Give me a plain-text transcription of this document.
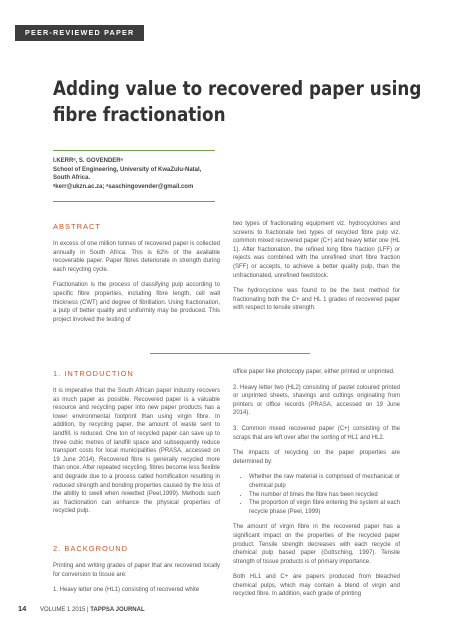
PEER-REVIEWED PAPER
Adding value to recovered paper using
fibre fractionation
I.KERRᵃ, S. GOVENDERᵃ
School of Engineering, University of KwaZulu-Natal,
South Africa.
ᵃkerr@ukzn.ac.za; ᵃsaschingovender@gmail.com
ABSTRACT

In excess of one million tonnes of recovered paper is collected annually in South Africa. This is 62% of the available recoverable paper. Paper fibres deteriorate in strength during each recycling cycle.

Fractionation is the process of classifying pulp according to specific fibre properties, including fibre length, cell wall thickness (CWT) and degree of fibrillation. Using fractionation, a pulp of better quality and uniformity may be produced. This project involved the testing of

two types of fractionating equipment viz. hydrocyclones and screens to fractionate two types of recycled fibre pulp viz. common mixed recovered paper (C+) and heavy letter one (HL 1). After fractionation, the refined long fibre fraction (LFF) or rejects was combined with the unrefined short fibre fraction (SFF) or accepts, to achieve a better quality pulp, than the unfractionated, unrefined feedstock.

The hydrocyclone was found to be the best method for fractionating both the C+ and HL 1 grades of recovered paper with respect to tensile strength.

1. INTRODUCTION

It is imperative that the South African paper industry recovers as much paper as possible. Recovered paper is a valuable resource and recycling paper into new paper products has a lower environmental footprint than using virgin fibre. In addition, by recycling paper, the amount of waste sent to landfill, is reduced. One ton of recycled paper can save up to three cubic metres of landfill space and subsequently reduce transport costs for local municipalities (PRASA, accessed on 19 June 2014). Recovered fibre is generally recycled more than once. After repeated recycling, fibres become less flexible and degrade due to a process called hornification resulting in reduced strength and bonding properties caused by the loss of the ability to swell when rewetted (Peel,1999). Methods such as fractionation can enhance the physical properties of recycled pulp.

2. BACKGROUND

Printing and writing grades of paper that are recovered locally for conversion to tissue are:

1. Heavy letter one (HL1) consisting of recovered white

office paper like photocopy paper, either printed or unprinted.

2. Heavy letter two (HL2) consisting of pastel coloured printed or unprinted sheets, shavings and cuttings originating from printers or office records (PRASA, accessed on 19 June 2014).

3. Common mixed recovered paper (C+) consisting of the scraps that are left over after the sorting of HL1 and HL2.

The impacts of recycling on the paper properties are determined by:

• Whether the raw material is comprised of mechanical or chemical pulp
• The number of times the fibre has been recycled
• The proportion of virgin fibre entering the system at each recycle phase (Peel, 1999)

The amount of virgin fibre in the recovered paper has a significant impact on the properties of the recycled paper product. Tensile strength decreases with each recycle of chemical pulp based paper (Gottsching, 1997). Tensile strength of tissue products is of primary importance.

Both HL1 and C+ are papers produced from bleached chemical pulps, which may contain a blend of virgin and recycled fibre. In addition, each grade of printing

14 VOLUME 1 2015 | TAPPSA JOURNAL
